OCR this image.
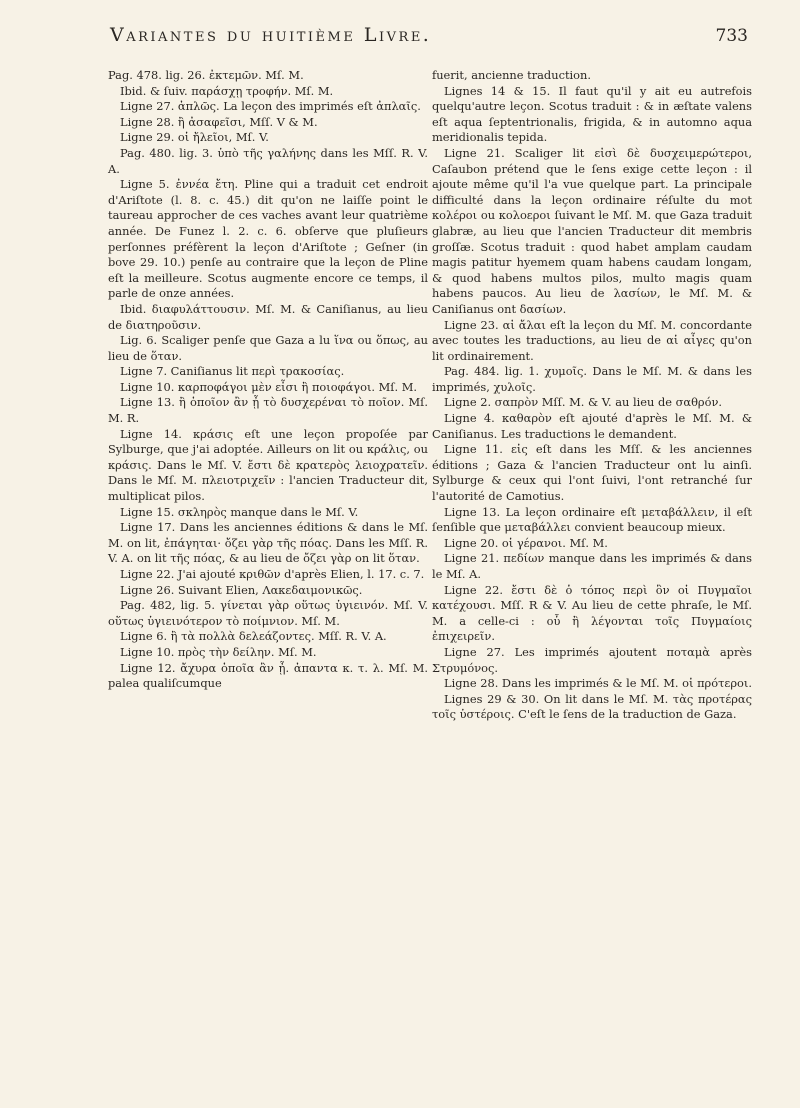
Variantes du huitième Livre.	733

Pag. 478. lig. 26. ἐκτεμῶν. Mſ. M.

Ibid. & ſuiv. παράσχῃ τροφήν. Mſ. M.

Ligne 27. ἀπλῶς. La leçon des imprimés eſt ἀπλαῖς.

Ligne 28. ἢ ἀσαφεῖσι, Mſſ. V & M.

Ligne 29. οἱ ἤλεῖοι, Mſ. V.

Pag. 480. lig. 3. ὑπὸ τῆς γαλήνης dans les Mſſ. R. V. A.

Ligne 5. ἐννέα ἔτη. Pline qui a traduit cet endroit d'Ariſtote (l. 8. c. 45.) dit qu'on ne laiſſe point le taureau approcher de ces vaches avant leur quatrième année. De Funez l. 2. c. 6. obſerve que pluſieurs perſonnes préfèrent la leçon d'Ariſtote ; Geſner (in bove 29. 10.) penſe au contraire que la leçon de Pline eſt la meilleure. Scotus augmente encore ce temps, il parle de onze années.

Ibid. διαφυλάττουσιν. Mſ. M. & Caniſianus, au lieu de διατηροῦσιν.

Lig. 6. Scaliger penſe que Gaza a lu ἵνα ou ὅπως, au lieu de ὅταν.

Ligne 7. Caniſianus lit περὶ τρακοσίας.

Ligne 10. καρποφάγοι μὲν εἶσι ἢ ποιοφάγοι. Mſ. M.

Ligne 13. ἢ ὁποῖον ἂν ᾖ τὸ δυσχερέναι τὸ ποῖον. Mſ. M. R.

Ligne 14. κράσις eſt une leçon propoſée par Sylburge, que j'ai adoptée. Ailleurs on lit ou κράλις, ou κράσις. Dans le Mſ. V. ἔστι δὲ κρατερὸς λειοχρατεῖν. Dans le Mſ. M. πλειοτριχεῖν : l'ancien Traducteur dit, multiplicat pilos.

Ligne 15. σκληρὸς manque dans le Mſ. V.

Ligne 17. Dans les anciennes éditions & dans le Mſ. M. on lit, ἐπάγηται· ὄζει γὰρ τῆς πόας. Dans les Mſſ. R. V. A. on lit τῆς πόας, & au lieu de ὄζει γὰρ on lit ὅταν.

Ligne 22. J'ai ajouté κριθῶν d'après Elien, l. 17. c. 7.

Ligne 26. Suivant Elien, Λακεδαιμονικῶς.

Pag. 482, lig. 5. γίνεται γὰρ οὕτως ὑγιεινόν. Mſ. V. οὕτως ὑγιεινότερον τὸ ποίμνιον. Mſ. M.

Ligne 6. ἢ τὰ πολλὰ δελεάζοντες. Mſſ. R. V. A.

Ligne 10. πρὸς τὴν δείλην. Mſ. M.

Ligne 12. ἄχυρα ὁποῖα ἂν ᾖ. ἀπαντα κ. τ. λ. Mſ. M. palea qualiſcumque

fuerit, ancienne traduction.

Lignes 14 & 15. Il faut qu'il y ait eu autrefois quelqu'autre leçon. Scotus traduit : & in æſtate valens eſt aqua ſeptentrionalis, frigida, & in automno aqua meridionalis tepida.

Ligne 21. Scaliger lit εἰσὶ δὲ δυσχειμερώτεροι, Caſaubon prétend que le ſens exige cette leçon : il ajoute même qu'il l'a vue quelque part. La principale difficulté dans la leçon ordinaire réſulte du mot κολέροι ou κολοεροι ſuivant le Mſ. M. que Gaza traduit glabræ, au lieu que l'ancien Traducteur dit membris groſſæ. Scotus traduit : quod habet amplam caudam magis patitur hyemem quam habens caudam longam, & quod habens multos pilos, multo magis quam habens paucos. Au lieu de λασίων, le Mſ. M. & Caniſianus ont δασίων.

Ligne 23. αἱ ἄλαι eſt la leçon du Mſ. M. concordante avec toutes les traductions, au lieu de αἱ αἶγες qu'on lit ordinairement.

Pag. 484. lig. 1. χυμοῖς. Dans le Mſ. M. & dans les imprimés, χυλοῖς.

Ligne 2. σαπρὸν Mſſ. M. & V. au lieu de σαθρόν.

Ligne 4. καθαρὸν eſt ajouté d'après le Mſ. M. & Caniſianus. Les traductions le demandent.

Ligne 11. εἰς eſt dans les Mſſ. & les anciennes éditions ; Gaza & l'ancien Traducteur ont lu ainſi. Sylburge & ceux qui l'ont ſuivi, l'ont retranché ſur l'autorité de Camotius.

Ligne 13. La leçon ordinaire eſt μεταβάλλειν, il eſt ſenſible que μεταβάλλει convient beaucoup mieux.

Ligne 20. οἱ γέρανοι. Mſ. M.

Ligne 21. πεδίων manque dans les imprimés & dans le Mſ. A.

Ligne 22. ἔστι δὲ ὁ τόπος περὶ ὃν οἱ Πυγμαῖοι κατέχουσι. Mſſ. R & V. Au lieu de cette phraſe, le Mſ. M. a celle-ci : οὗ ἢ λέγονται τοῖς Πυγμαίοις ἐπιχειρεῖν.

Ligne 27. Les imprimés ajoutent ποταμὰ après Στρυμόνος.

Ligne 28. Dans les imprimés & le Mſ. M. οἱ πρότεροι.

Lignes 29 & 30. On lit dans le Mſ. M. τὰς προτέρας τοῖς ὑστέροις. C'eſt le ſens de la traduction de Gaza.
